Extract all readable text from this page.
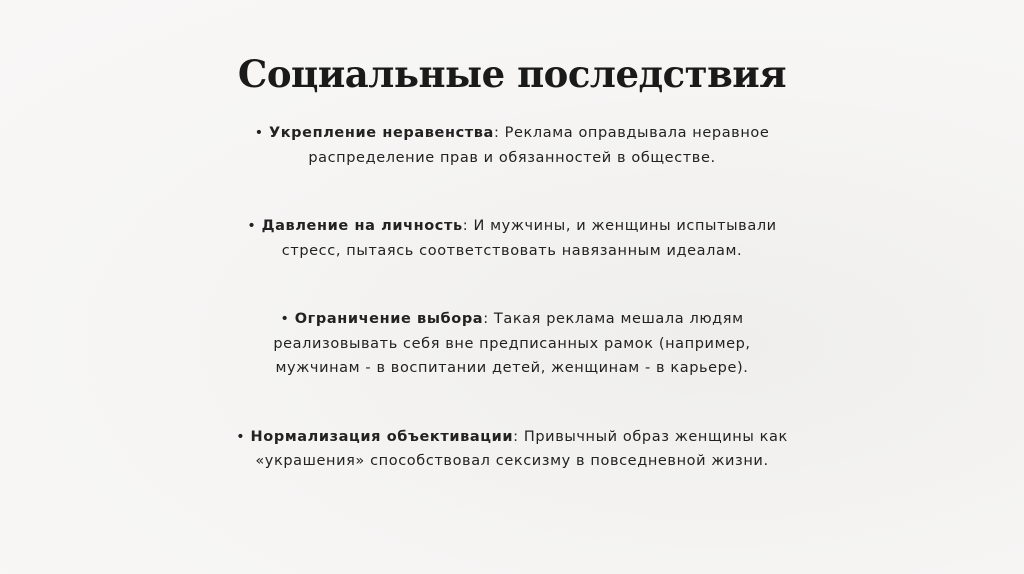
Социальные последствия

• Укрепление неравенства: Реклама оправдывала неравное распределение прав и обязанностей в обществе.

• Давление на личность: И мужчины, и женщины испытывали стресс, пытаясь соответствовать навязанным идеалам.

• Ограничение выбора: Такая реклама мешала людям реализовывать себя вне предписанных рамок (например, мужчинам - в воспитании детей, женщинам - в карьере).

• Нормализация объективации: Привычный образ женщины как «украшения» способствовал сексизму в повседневной жизни.
